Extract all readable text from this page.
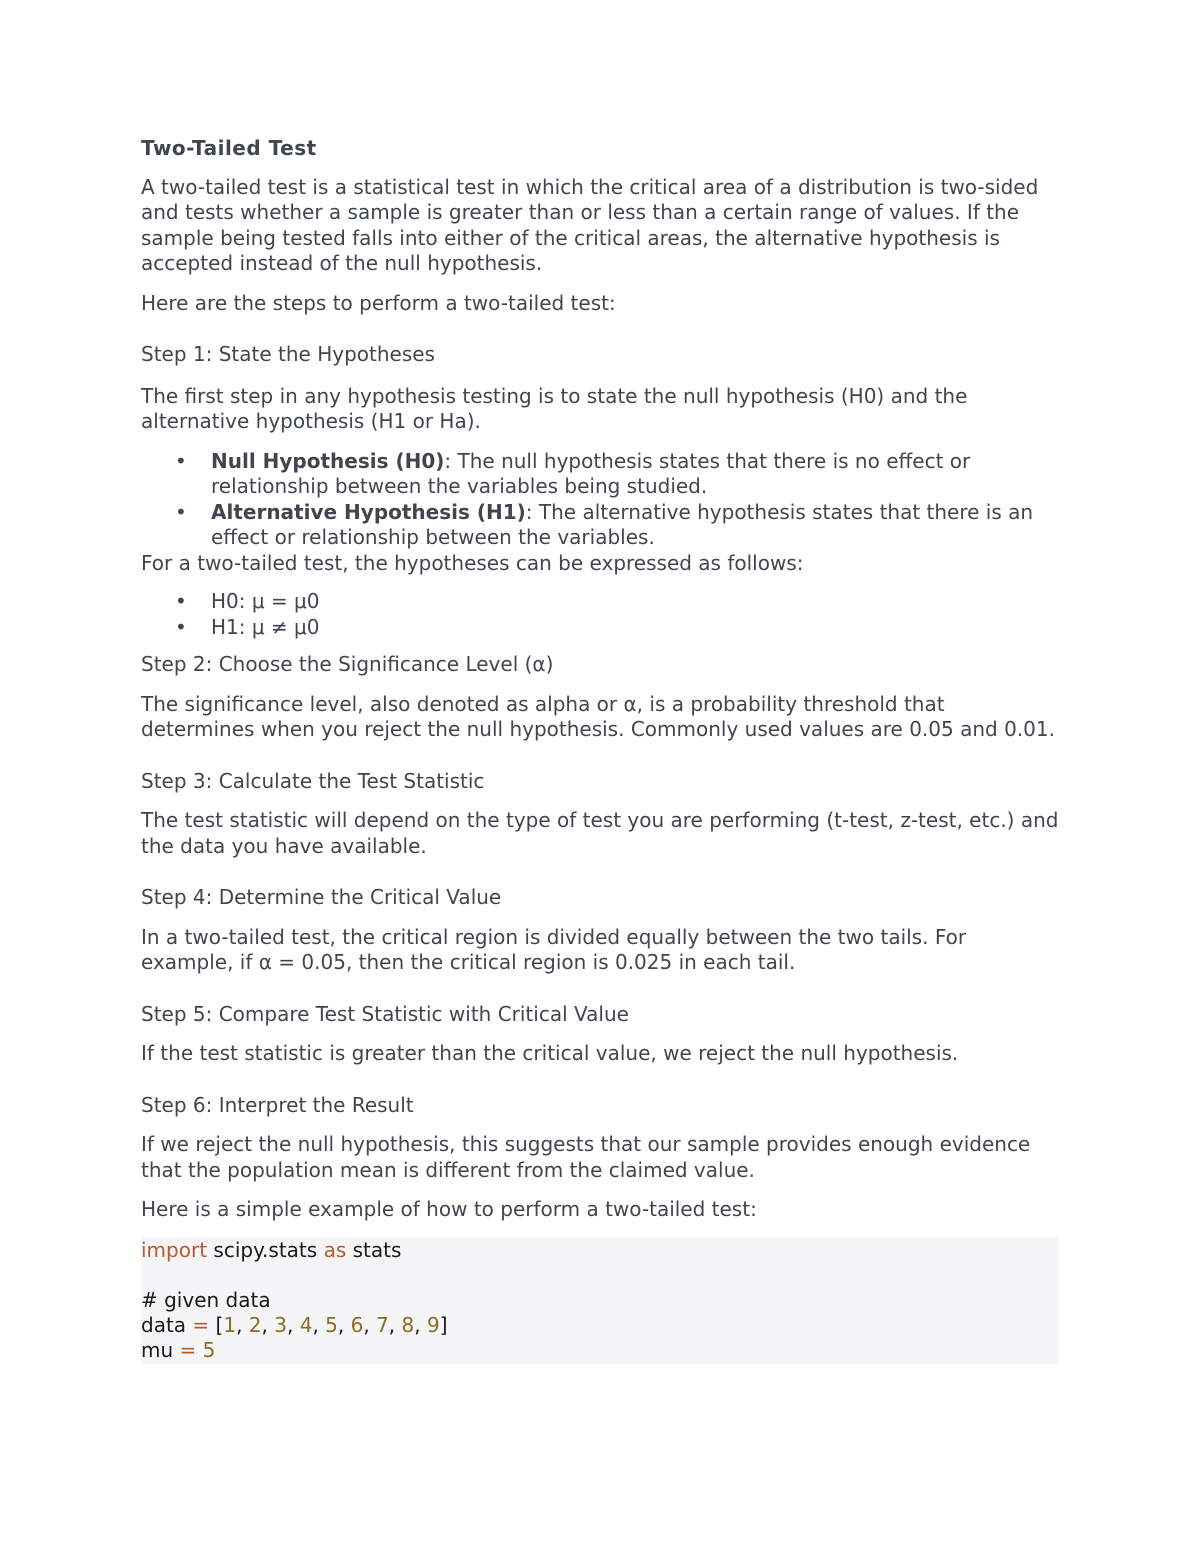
Two-Tailed Test

A two-tailed test is a statistical test in which the critical area of a distribution is two-sided and tests whether a sample is greater than or less than a certain range of values. If the sample being tested falls into either of the critical areas, the alternative hypothesis is accepted instead of the null hypothesis.

Here are the steps to perform a two-tailed test:

Step 1: State the Hypotheses

The first step in any hypothesis testing is to state the null hypothesis (H0) and the alternative hypothesis (H1 or Ha).

•	Null Hypothesis (H0): The null hypothesis states that there is no effect or relationship between the variables being studied.
•	Alternative Hypothesis (H1): The alternative hypothesis states that there is an effect or relationship between the variables.

For a two-tailed test, the hypotheses can be expressed as follows:

•	H0: μ = μ0
•	H1: μ ≠ μ0

Step 2: Choose the Significance Level (α)

The significance level, also denoted as alpha or α, is a probability threshold that determines when you reject the null hypothesis. Commonly used values are 0.05 and 0.01.

Step 3: Calculate the Test Statistic

The test statistic will depend on the type of test you are performing (t-test, z-test, etc.) and the data you have available.

Step 4: Determine the Critical Value

In a two-tailed test, the critical region is divided equally between the two tails. For example, if α = 0.05, then the critical region is 0.025 in each tail.

Step 5: Compare Test Statistic with Critical Value

If the test statistic is greater than the critical value, we reject the null hypothesis.

Step 6: Interpret the Result

If we reject the null hypothesis, this suggests that our sample provides enough evidence that the population mean is different from the claimed value.

Here is a simple example of how to perform a two-tailed test:

import scipy.stats as stats
# given data
data = [1, 2, 3, 4, 5, 6, 7, 8, 9]
mu = 5
